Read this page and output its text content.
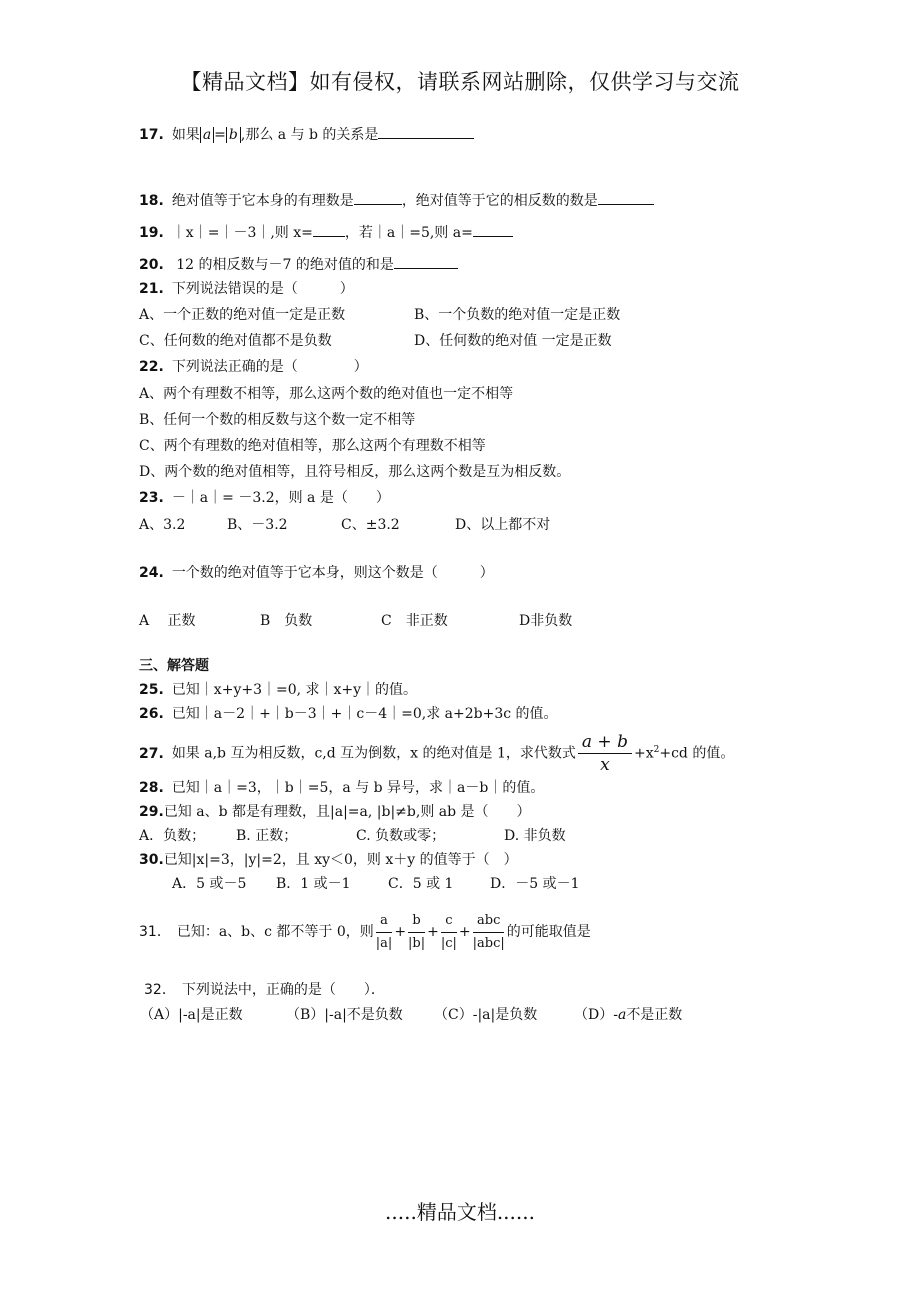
【精品文档】如有侵权，请联系网站删除，仅供学习与交流
17. 如果 a = b ,那么 a 与 b 的关系是
18. 绝对值等于它本身的有理数是	，绝对值等于它的相反数的数是
19. ｜x｜=｜－3｜,则 x= ，若｜a｜=5,则 a=
20. 12 的相反数与－7 的绝对值的和是
21. 下列说法错误的是（　　　）
A、一个正数的绝对值一定是正数	B、一个负数的绝对值一定是正数
C、任何数的绝对值都不是负数	D、任何数的绝对值 一定是正数
22. 下列说法正确的是（　　　　）
A、两个有理数不相等，那么这两个数的绝对值也一定不相等
B、任何一个数的相反数与这个数一定不相等
C、两个有理数的绝对值相等，那么这两个有理数不相等
D、两个数的绝对值相等，且符号相反，那么这两个数是互为相反数。
23. －｜a｜= －3.2，则 a 是（　　）
A、3.2	B、－3.2	C、±3.2	D、以上都不对
24. 一个数的绝对值等于它本身，则这个数是（　　　）
A　 正数	B　负数	C　非正数	D非负数
三、解答题
25. 已知｜x+y+3｜=0, 求｜x+y｜的值。
26. 已知｜a－2｜+｜b－3｜+｜c－4｜=0,求 a+2b+3c 的值。
27. 如果 a,b 互为相反数，c,d 互为倒数，x 的绝对值是 1，求代数式 $\frac{a + b}{x} +x^2+cd$ 的值。
28. 已知｜a｜=3，｜b｜=5，a 与 b 异号，求｜a－b｜的值。
29.已知 a、b 都是有理数，且|a|=a, |b|≠b,则 ab 是（　　）
A．负数； B. 正数；	C. 负数或零；	D. 非负数
30.已知|x|=3，|y|=2，且 xy＜0，则 x＋y 的值等于（　）
A．5 或－5 B．1 或－1	C．5 或 1	D．－5 或－1
31． 已知：a、b、c 都不等于 0，则 $\frac{a}{|a|} + \frac{b}{|b|} + \frac{c}{|c|} + \frac{\text{abc}}{\text{|abc|}}$ 的可能取值是
32． 下列说法中，正确的是（　　）．
（A）|-a|是正数	（B）|-a|不是负数 （C）-|a|是负数	（D）-a不是正数
.....精品文档......
